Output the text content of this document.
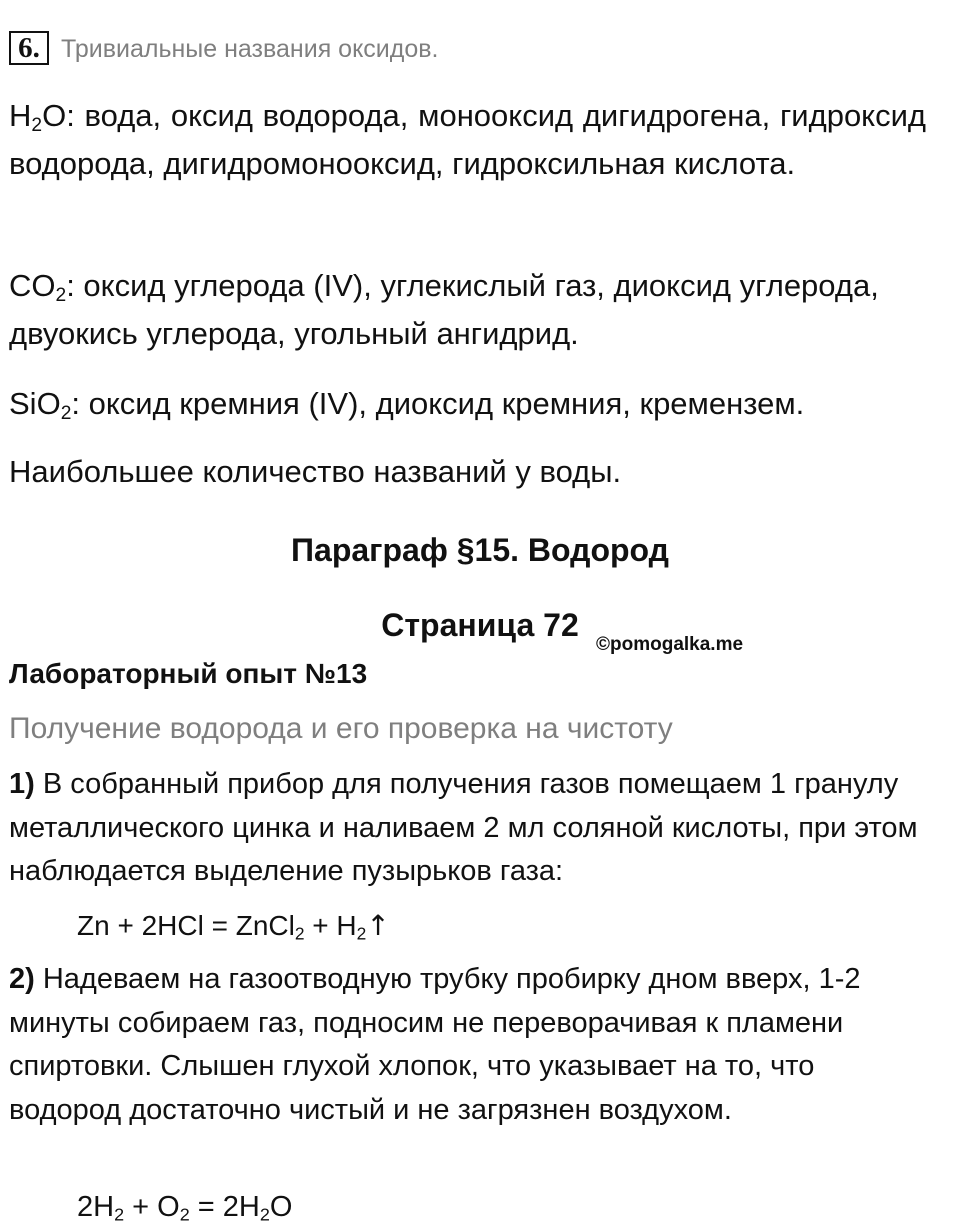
6. Тривиальные названия оксидов.
$H_2O$: вода, оксид водорода, монооксид дигидрогена, гидроксид водорода, дигидромонооксид, гидроксильная кислота.
$CO_2$: оксид углерода (IV), углекислый газ, диоксид углерода, двуокись углерода, угольный ангидрид.
SiO$_2$: оксид кремния (IV), диоксид кремния, кремензем.
Наибольшее количество названий у воды.
Параграф §15. Водород
Страница 72
©pomogalka.me
Лабораторный опыт №13
Получение водорода и его проверка на чистоту
1) В собранный прибор для получения газов помещаем 1 гранулу металлического цинка и наливаем 2 мл соляной кислоты, при этом наблюдается выделение пузырьков газа:
Zn + 2HCl = ZnCl$_2$ + $H_2↑$
2) Надеваем на газоотводную трубку пробирку дном вверх, 1-2 минуты собираем газ, подносим не переворачивая к пламени спиртовки. Слышен глухой хлопок, что указывает на то, что водород достаточно чистый и не загрязнен воздухом.
$2H_2 + O_2 = 2H_2O$
